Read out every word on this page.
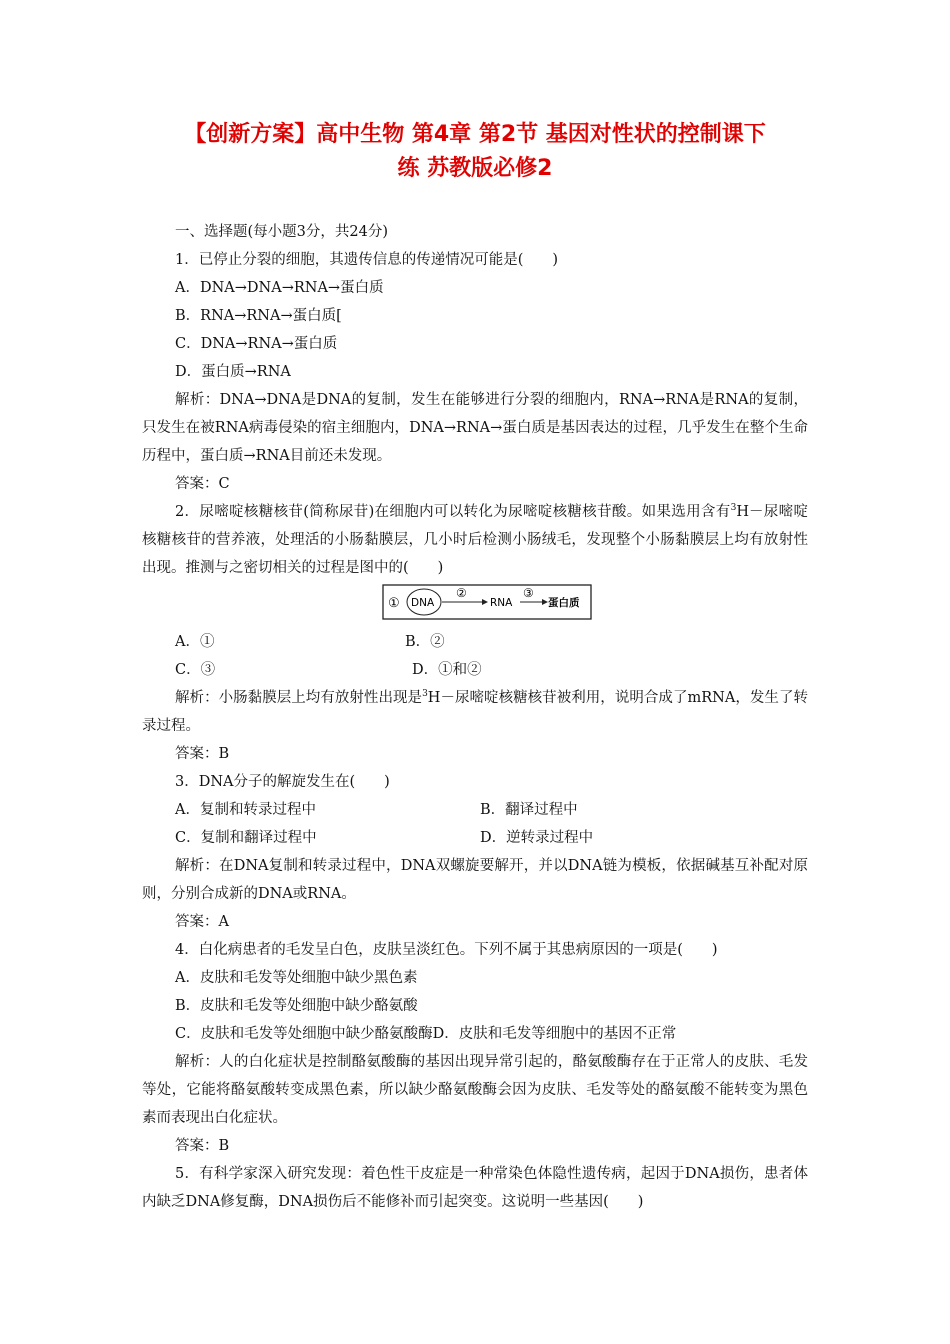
【创新方案】高中生物 第4章 第2节 基因对性状的控制课下
练 苏教版必修2
一、选择题(每小题3分，共24分)
1．已停止分裂的细胞，其遗传信息的传递情况可能是(　　)
A．DNA→DNA→RNA→蛋白质
B．RNA→RNA→蛋白质[
C．DNA→RNA→蛋白质
D．蛋白质→RNA
解析：DNA→DNA是DNA的复制，发生在能够进行分裂的细胞内，RNA→RNA是RNA的复制，只发生在被RNA病毒侵染的宿主细胞内，DNA→RNA→蛋白质是基因表达的过程，几乎发生在整个生命历程中，蛋白质→RNA目前还未发现。
答案：C
2．尿嘧啶核糖核苷(简称尿苷)在细胞内可以转化为尿嘧啶核糖核苷酸。如果选用含有$^3$H－尿嘧啶核糖核苷的营养液，处理活的小肠黏膜层，几小时后检测小肠绒毛，发现整个小肠黏膜层上均有放射性出现。推测与之密切相关的过程是图中的(　　)
① DNA
②
RNA
③
蛋白质
A．①	B．②
C．③	D．①和②
解析：小肠黏膜层上均有放射性出现是$^3$H－尿嘧啶核糖核苷被利用，说明合成了mRNA，发生了转录过程。
答案：B
3．DNA分子的解旋发生在(　　)
A．复制和转录过程中	B．翻译过程中
C．复制和翻译过程中	D．逆转录过程中
解析：在DNA复制和转录过程中，DNA双螺旋要解开，并以DNA链为模板，依据碱基互补配对原则，分别合成新的DNA或RNA。
答案：A
4．白化病患者的毛发呈白色，皮肤呈淡红色。下列不属于其患病原因的一项是(　　)
A．皮肤和毛发等处细胞中缺少黑色素
B．皮肤和毛发等处细胞中缺少酪氨酸
C．皮肤和毛发等处细胞中缺少酪氨酸酶D．皮肤和毛发等细胞中的基因不正常
解析：人的白化症状是控制酪氨酸酶的基因出现异常引起的，酪氨酸酶存在于正常人的皮肤、毛发等处，它能将酪氨酸转变成黑色素，所以缺少酪氨酸酶会因为皮肤、毛发等处的酪氨酸不能转变为黑色素而表现出白化症状。
答案：B
5．有科学家深入研究发现：着色性干皮症是一种常染色体隐性遗传病，起因于DNA损伤，患者体内缺乏DNA修复酶，DNA损伤后不能修补而引起突变。这说明一些基因(　　)
